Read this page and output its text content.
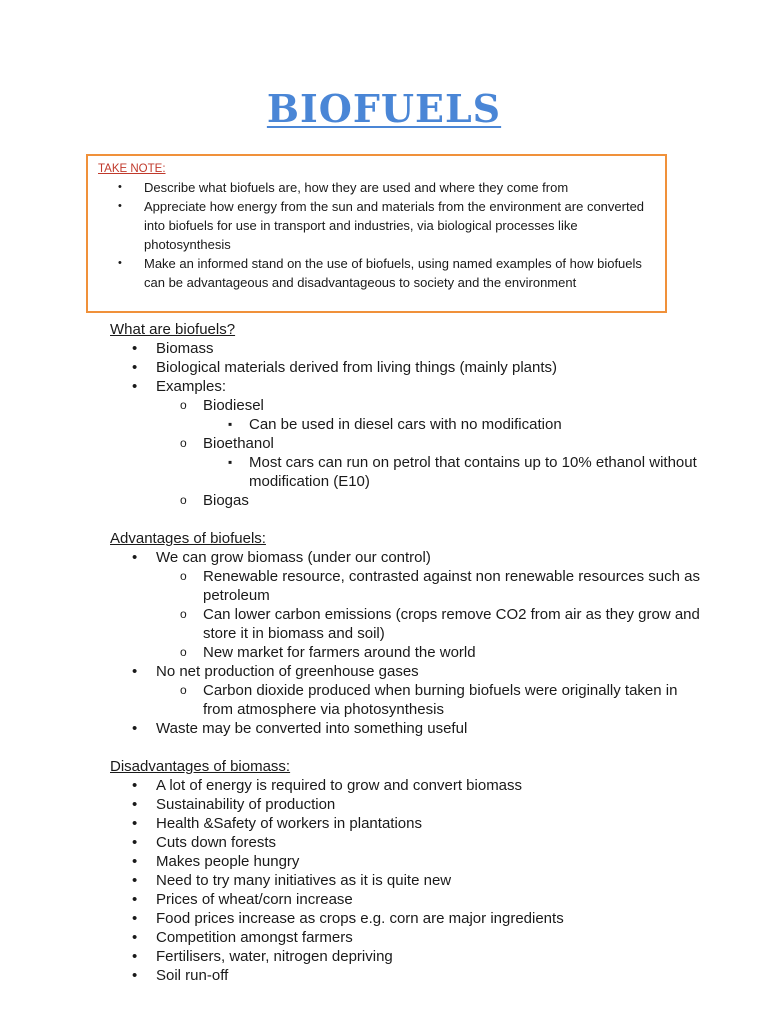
BIOFUELS
TAKE NOTE:
• Describe what biofuels are, how they are used and where they come from
• Appreciate how energy from the sun and materials from the environment are converted into biofuels for use in transport and industries, via biological processes like photosynthesis
• Make an informed stand on the use of biofuels, using named examples of how biofuels can be advantageous and disadvantageous to society and the environment
What are biofuels?
• Biomass
• Biological materials derived from living things (mainly plants)
• Examples:
o Biodiesel
▪ Can be used in diesel cars with no modification
o Bioethanol
▪ Most cars can run on petrol that contains up to 10% ethanol without modification (E10)
o Biogas
Advantages of biofuels:
• We can grow biomass (under our control)
o Renewable resource, contrasted against non renewable resources such as petroleum
o Can lower carbon emissions (crops remove CO2 from air as they grow and store it in biomass and soil)
o New market for farmers around the world
• No net production of greenhouse gases
o Carbon dioxide produced when burning biofuels were originally taken in from atmosphere via photosynthesis
• Waste may be converted into something useful
Disadvantages of biomass:
• A lot of energy is required to grow and convert biomass
• Sustainability of production
• Health &Safety of workers in plantations
• Cuts down forests
• Makes people hungry
• Need to try many initiatives as it is quite new
• Prices of wheat/corn increase
• Food prices increase as crops e.g. corn are major ingredients
• Competition amongst farmers
• Fertilisers, water, nitrogen depriving
• Soil run-off
